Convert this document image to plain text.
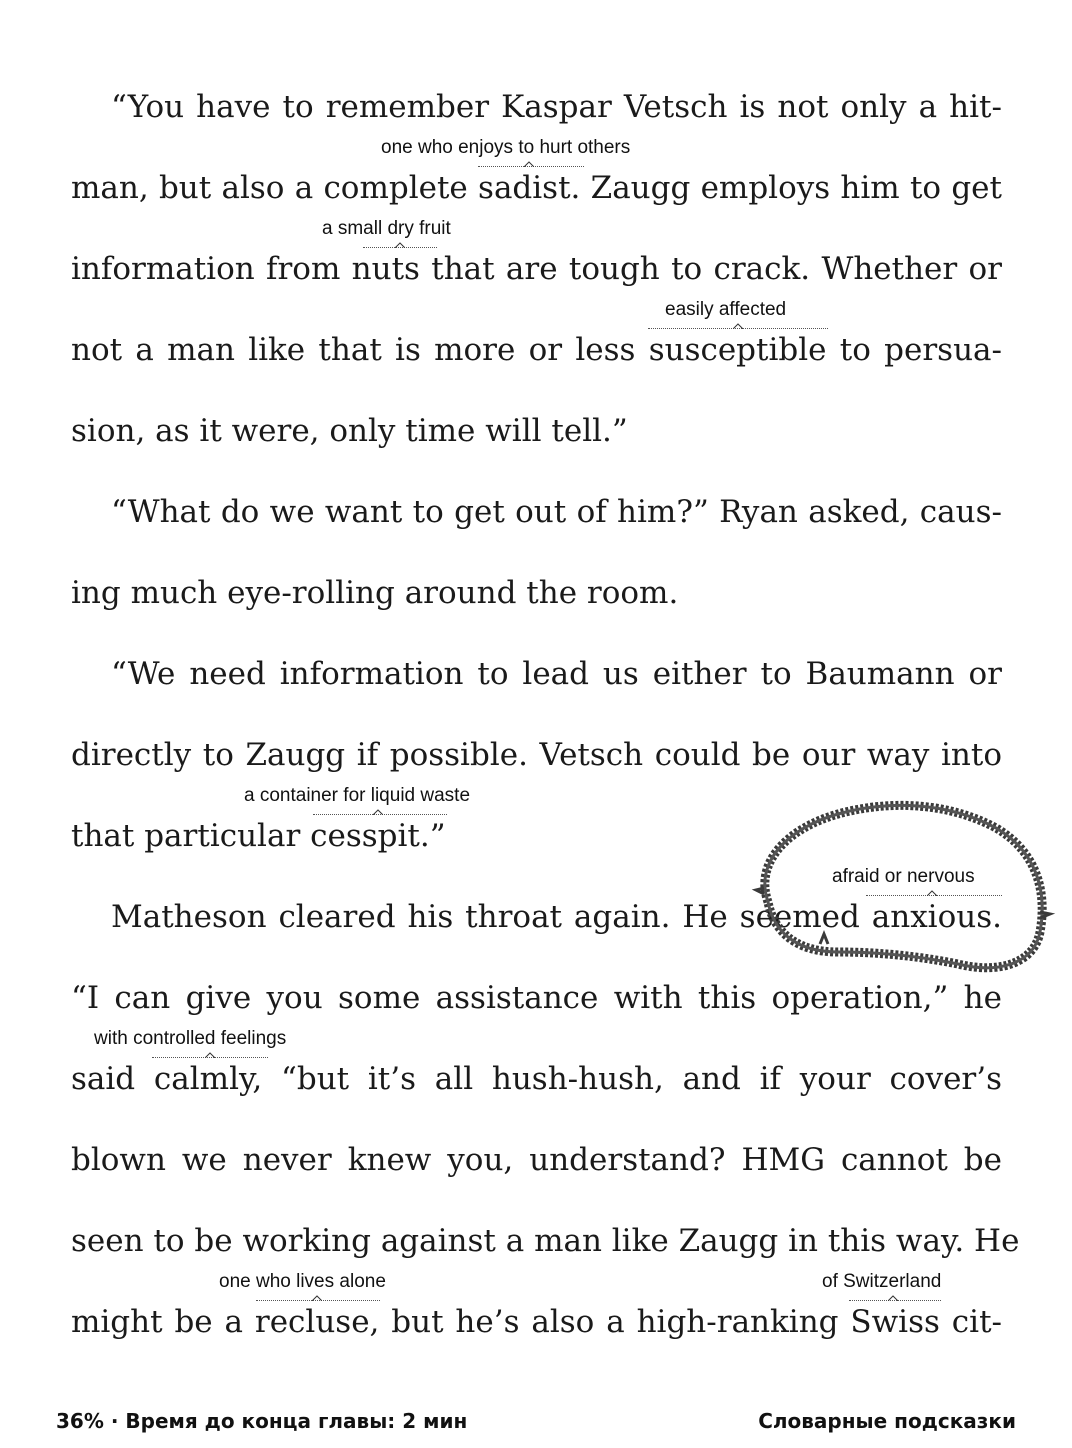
“You have to remember Kaspar Vetsch is not only a hit-
man, but also a complete sadist. Zaugg employs him to get
information from nuts that are tough to crack. Whether or
not a man like that is more or less susceptible to persua-
sion, as it were, only time will tell.”
“What do we want to get out of him?” Ryan asked, caus-
ing much eye-rolling around the room.
“We need information to lead us either to Baumann or
directly to Zaugg if possible. Vetsch could be our way into
that particular cesspit.”
Matheson cleared his throat again. He seemed anxious.
“I can give you some assistance with this operation,” he
said calmly, “but it’s all hush-hush, and if your cover’s
blown we never knew you, understand? HMG cannot be
seen to be working against a man like Zaugg in this way. He
might be a recluse, but he’s also a high-ranking Swiss cit-
one who enjoys to hurt others
a small dry fruit
easily affected
a container for liquid waste
afraid or nervous
with controlled feelings
one who lives alone	of Switzerland
36% · Время до конца главы: 2 мин	Словарные подсказки
